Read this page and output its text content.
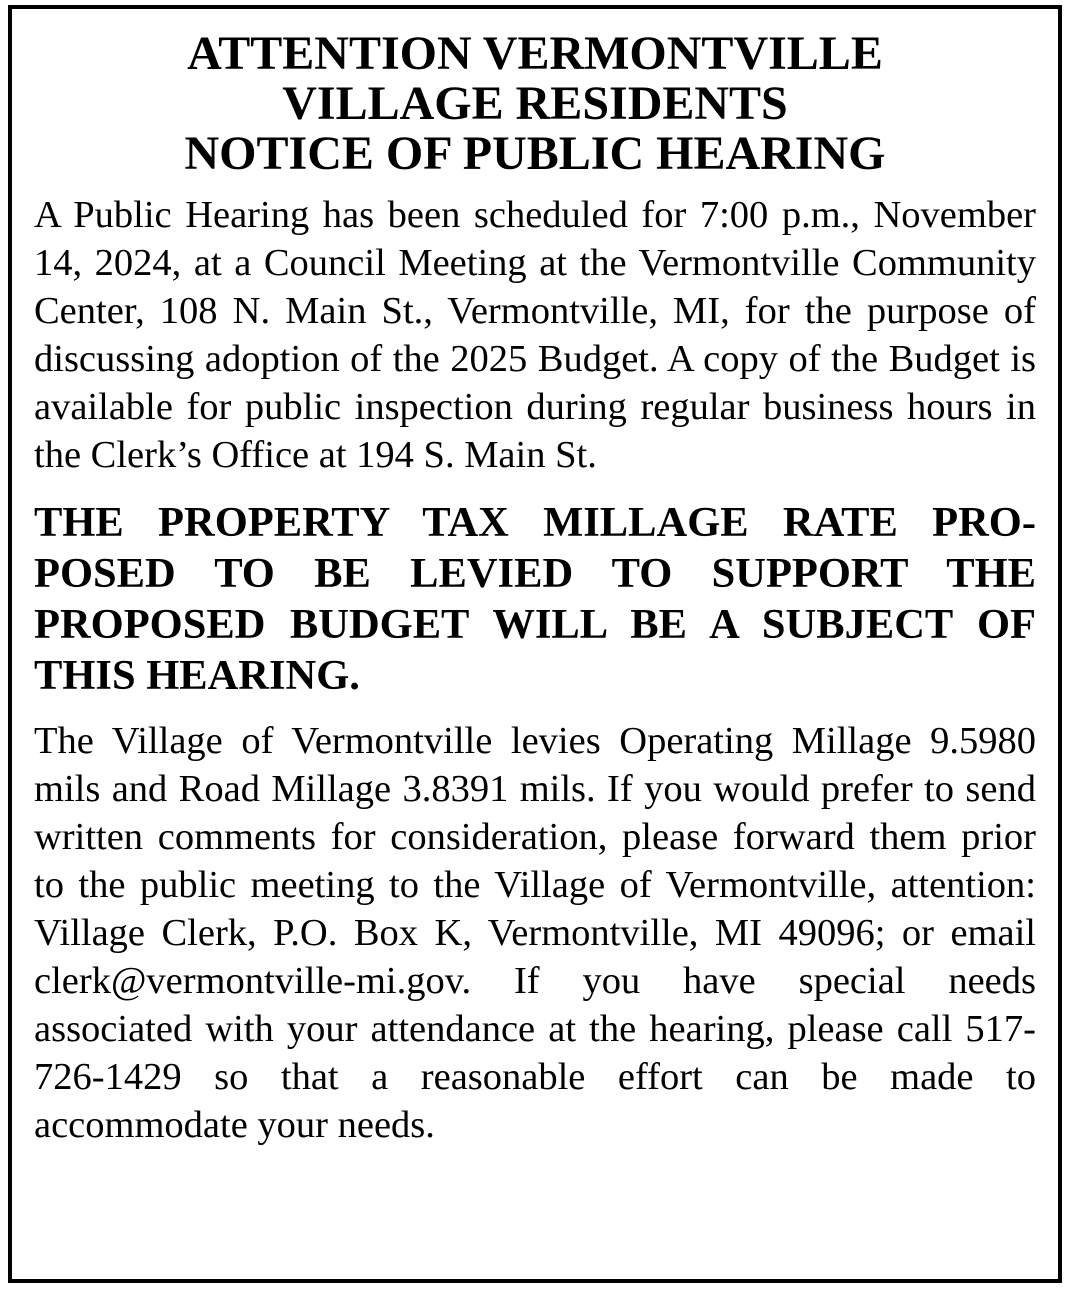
ATTENTION VERMONTVILLE
VILLAGE RESIDENTS
NOTICE OF PUBLIC HEARING

A Public Hearing has been scheduled for 7:00 p.m., November 14, 2024, at a Council Meeting at the Vermontville Community Center, 108 N. Main St., Vermontville, MI, for the purpose of discussing adoption of the 2025 Budget. A copy of the Budget is available for public inspection during regular business hours in the Clerk’s Office at 194 S. Main St.

THE PROPERTY TAX MILLAGE RATE PROPOSED TO BE LEVIED TO SUPPORT THE PROPOSED BUDGET WILL BE A SUBJECT OF THIS HEARING.

The Village of Vermontville levies Operating Millage 9.5980 mils and Road Millage 3.8391 mils. If you would prefer to send written comments for consideration, please forward them prior to the public meeting to the Village of Vermontville, attention: Village Clerk, P.O. Box K, Vermontville, MI 49096; or email clerk@vermontville-mi.​gov. If you have special needs associated with your attendance at the hearing, please call 517-726-1429 so that a reasonable effort can be made to accommodate your needs.
